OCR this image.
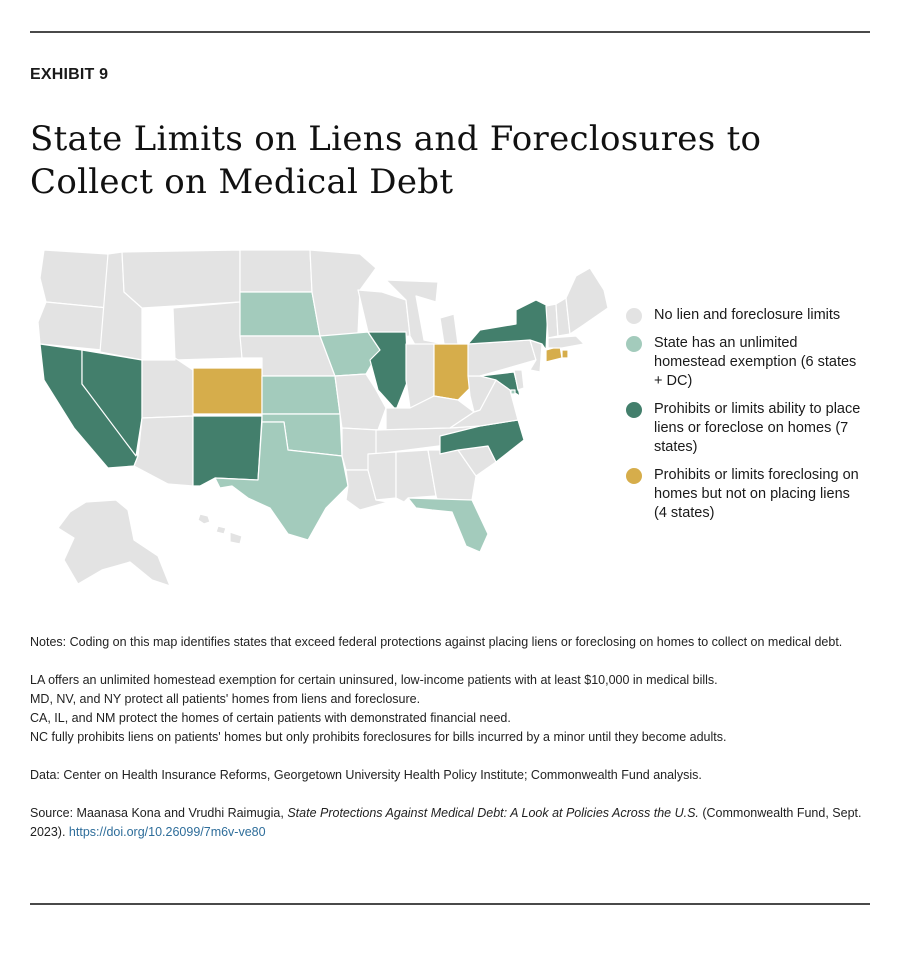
EXHIBIT 9
State Limits on Liens and Foreclosures to Collect on Medical Debt
No lien and foreclosure limits
State has an unlimited homestead exemption (6 states + DC)
Prohibits or limits ability to place liens or foreclose on homes (7 states)
Prohibits or limits foreclosing on homes but not on placing liens (4 states)

Notes: Coding on this map identifies states that exceed federal protections against placing liens or foreclosing on homes to collect on medical debt.

LA offers an unlimited homestead exemption for certain uninsured, low-income patients with at least $10,000 in medical bills.

MD, NV, and NY protect all patients' homes from liens and foreclosure.

CA, IL, and NM protect the homes of certain patients with demonstrated financial need.

NC fully prohibits liens on patients' homes but only prohibits foreclosures for bills incurred by a minor until they become adults.

Data: Center on Health Insurance Reforms, Georgetown University Health Policy Institute; Commonwealth Fund analysis.

Source: Maanasa Kona and Vrudhi Raimugia, State Protections Against Medical Debt: A Look at Policies Across the U.S. (Commonwealth Fund, Sept. 2023). https://doi.org/10.26099/7m6v-ve80
